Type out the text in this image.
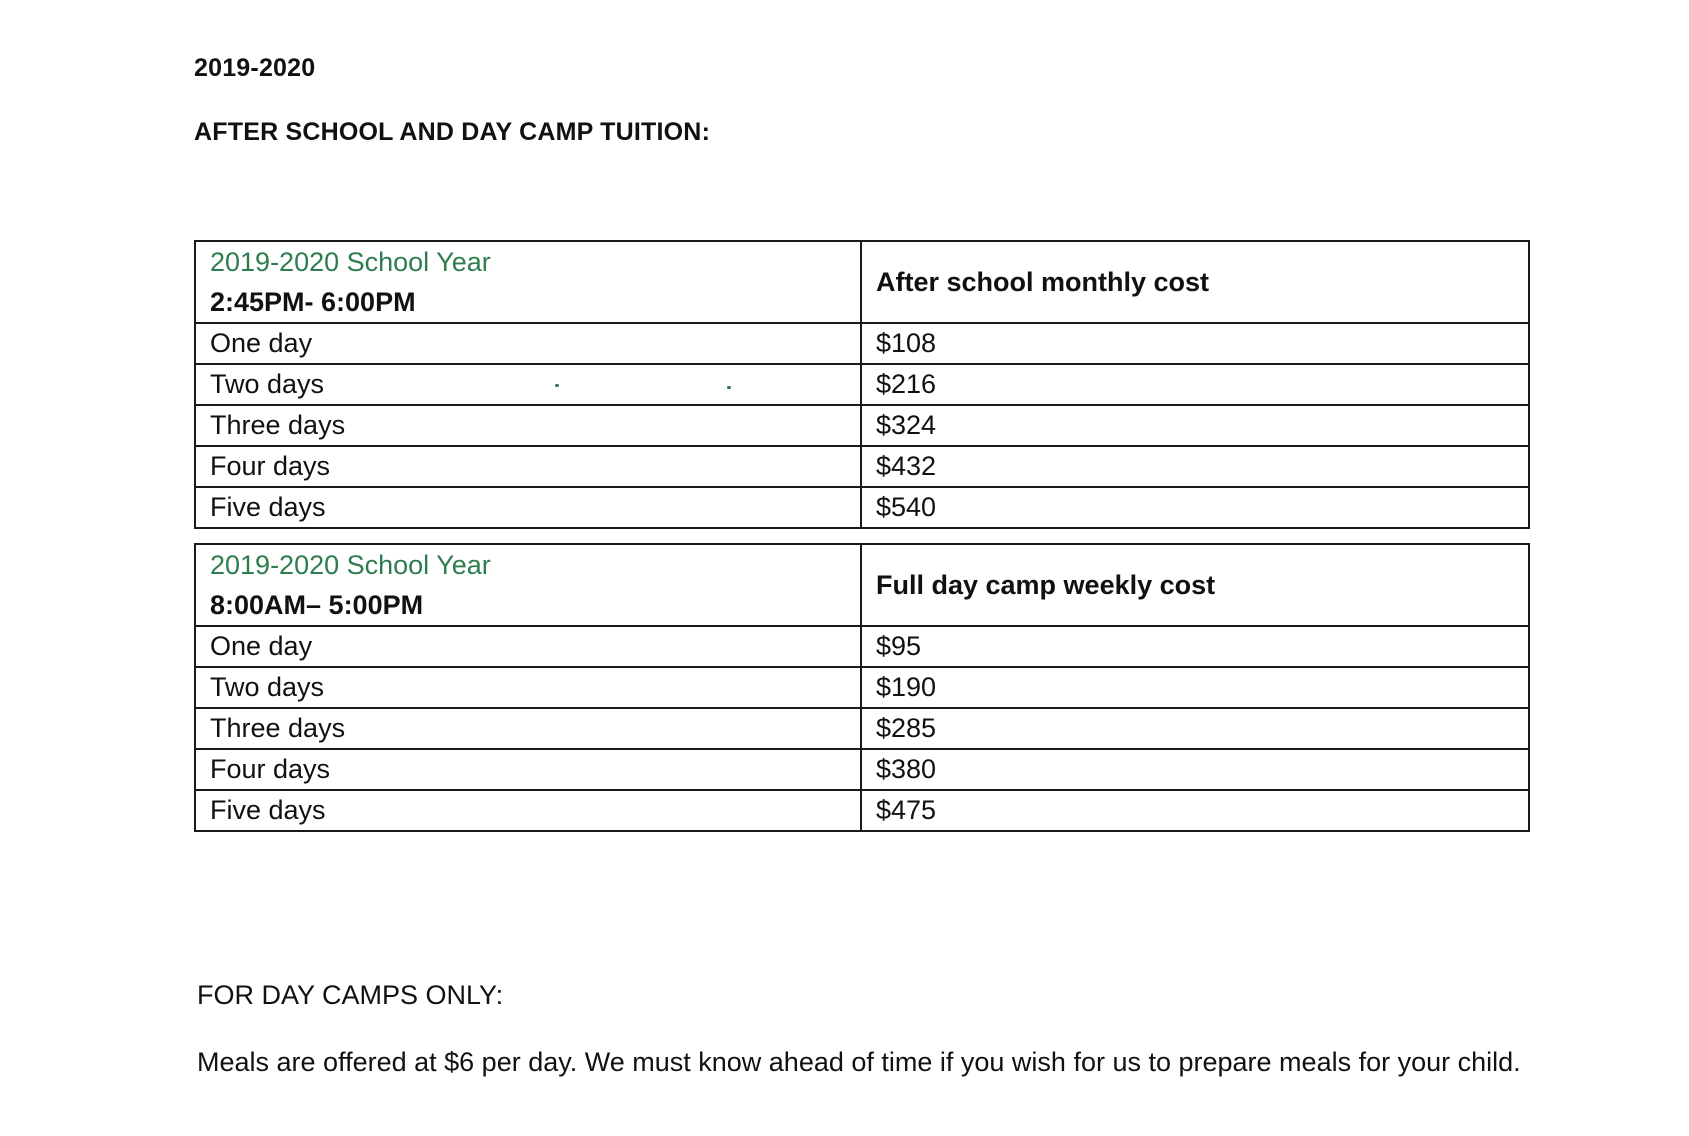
2019-2020
AFTER SCHOOL AND DAY CAMP TUITION:
2019-2020 School Year
2:45PM- 6:00PM	After school monthly cost
One day	$108
Two days	$216
Three days	$324
Four days	$432
Five days	$540
2019-2020 School Year
8:00AM– 5:00PM	Full day camp weekly cost
One day	$95
Two days	$190
Three days	$285
Four days	$380
Five days	$475
FOR DAY CAMPS ONLY:
Meals are offered at $6 per day. We must know ahead of time if you wish for us to prepare meals for your child.
